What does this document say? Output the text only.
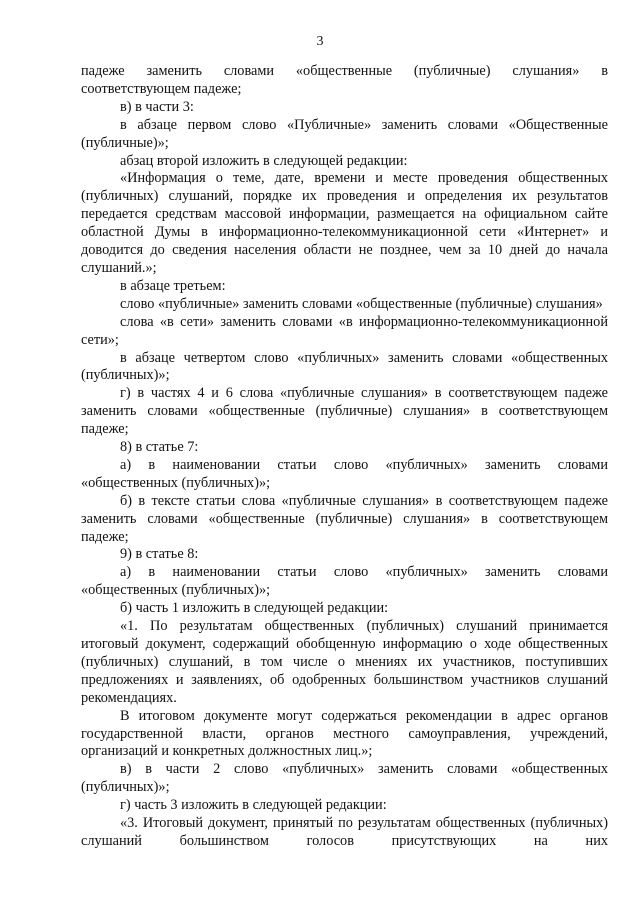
3

падеже заменить словами «общественные (публичные) слушания» в соответствующем падеже;

в) в части 3:

в абзаце первом слово «Публичные» заменить словами «Общественные (публичные)»;

абзац второй изложить в следующей редакции:

«Информация о теме, дате, времени и месте проведения общественных (публичных) слушаний, порядке их проведения и определения их результатов передается средствам массовой информации, размещается на официальном сайте областной Думы в информационно-телекоммуникационной сети «Интернет» и доводится до сведения населения области не позднее, чем за 10 дней до начала слушаний.»;

в абзаце третьем:

слово «публичные» заменить словами «общественные (публичные) слушания»

слова «в сети» заменить словами «в информационно-телекоммуникационной сети»;

в абзаце четвертом слово «публичных» заменить словами «общественных (публичных)»;

г) в частях 4 и 6 слова «публичные слушания» в соответствующем падеже заменить словами «общественные (публичные) слушания» в соответствующем падеже;

8) в статье 7:

а) в наименовании статьи слово «публичных» заменить словами «общественных (публичных)»;

б) в тексте статьи слова «публичные слушания» в соответствующем падеже заменить словами «общественные (публичные) слушания» в соответствующем падеже;

9) в статье 8:

а) в наименовании статьи слово «публичных» заменить словами «общественных (публичных)»;

б) часть 1 изложить в следующей редакции:

«1. По результатам общественных (публичных) слушаний принимается итоговый документ, содержащий обобщенную информацию о ходе общественных (публичных) слушаний, в том числе о мнениях их участников, поступивших предложениях и заявлениях, об одобренных большинством участников слушаний рекомендациях.

В итоговом документе могут содержаться рекомендации в адрес органов государственной власти, органов местного самоуправления, учреждений, организаций и конкретных должностных лиц.»;

в) в части 2 слово «публичных» заменить словами «общественных (публичных)»;

г) часть 3 изложить в следующей редакции:

«3. Итоговый документ, принятый по результатам общественных (публичных) слушаний большинством голосов присутствующих на них
